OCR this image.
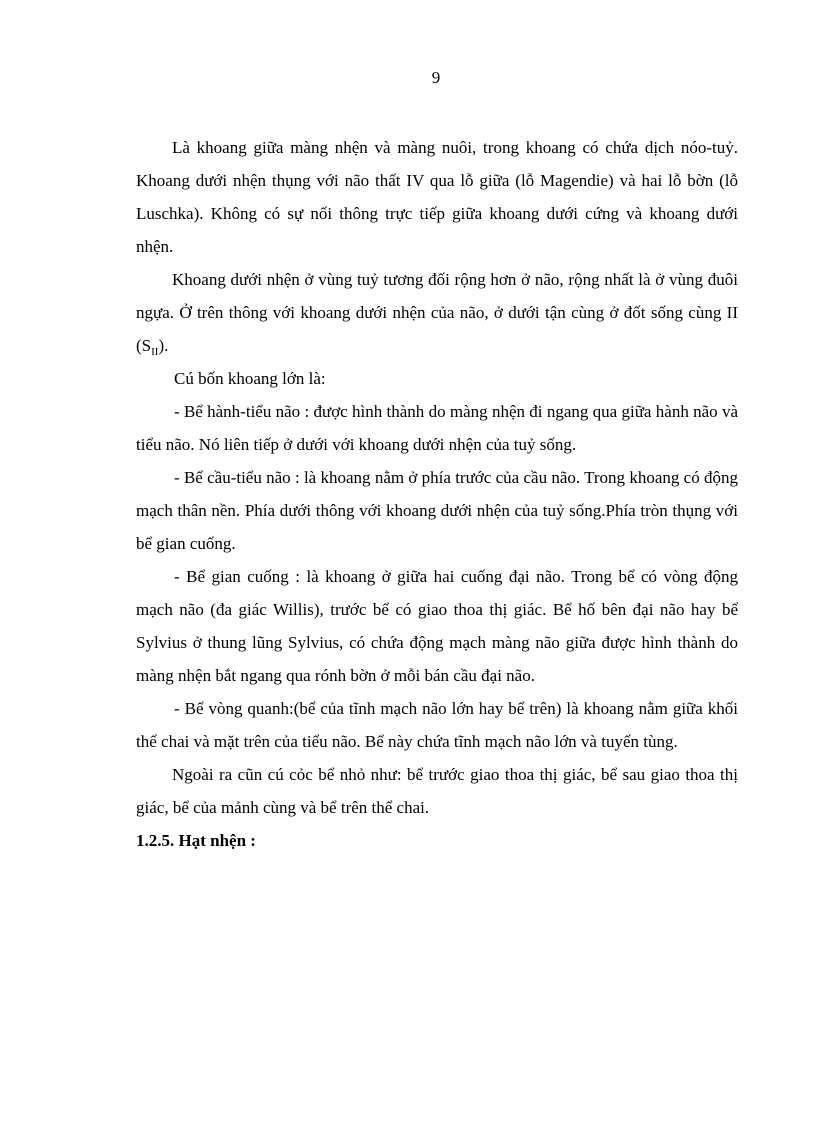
9

Là khoang giữa màng nhện và màng nuôi, trong khoang có chứa dịch nóo-tuỷ. Khoang dưới nhện thụng với não thất IV qua lỗ giữa (lỗ Magendie) và hai lỗ bờn (lỗ Luschka). Không có sự nối thông trực tiếp giữa khoang dưới cứng và khoang dưới nhện.

Khoang dưới nhện ở vùng tuỷ tương đối rộng hơn ở não, rộng nhất là ở vùng đuôi ngựa. Ở trên thông với khoang dưới nhện của não, ở dưới tận cùng ở đốt sống cùng II $(S_{II})$.

Cú bốn khoang lớn là:

- Bể hành-tiểu não : được hình thành do màng nhện đi ngang qua giữa hành não và tiểu não. Nó liên tiếp ở dưới với khoang dưới nhện của tuỷ sống.

- Bể cầu-tiểu não : là khoang nằm ở phía trước của cầu não. Trong khoang có động mạch thân nền. Phía dưới thông với khoang dưới nhện của tuỷ sống.Phía tròn thụng với bể gian cuống.

- Bể gian cuống : là khoang ở giữa hai cuống đại não. Trong bể có vòng động mạch não (đa giác Willis), trước bể có giao thoa thị giác. Bể hố bên đại não hay bể Sylvius ở thung lũng Sylvius, có chứa động mạch màng não giữa được hình thành do màng nhện bắt ngang qua rónh bờn ở mỗi bán cầu đại não.

- Bể vòng quanh:(bể của tĩnh mạch não lớn hay bể trên) là khoang nằm giữa khối thể chai và mặt trên của tiểu não. Bể này chứa tĩnh mạch não lớn và tuyến tùng.

Ngoài ra cũn cú cỏc bể nhỏ như: bể trước giao thoa thị giác, bể sau giao thoa thị giác, bể của mảnh cùng và bể trên thể chai.

1.2.5. Hạt nhện :
